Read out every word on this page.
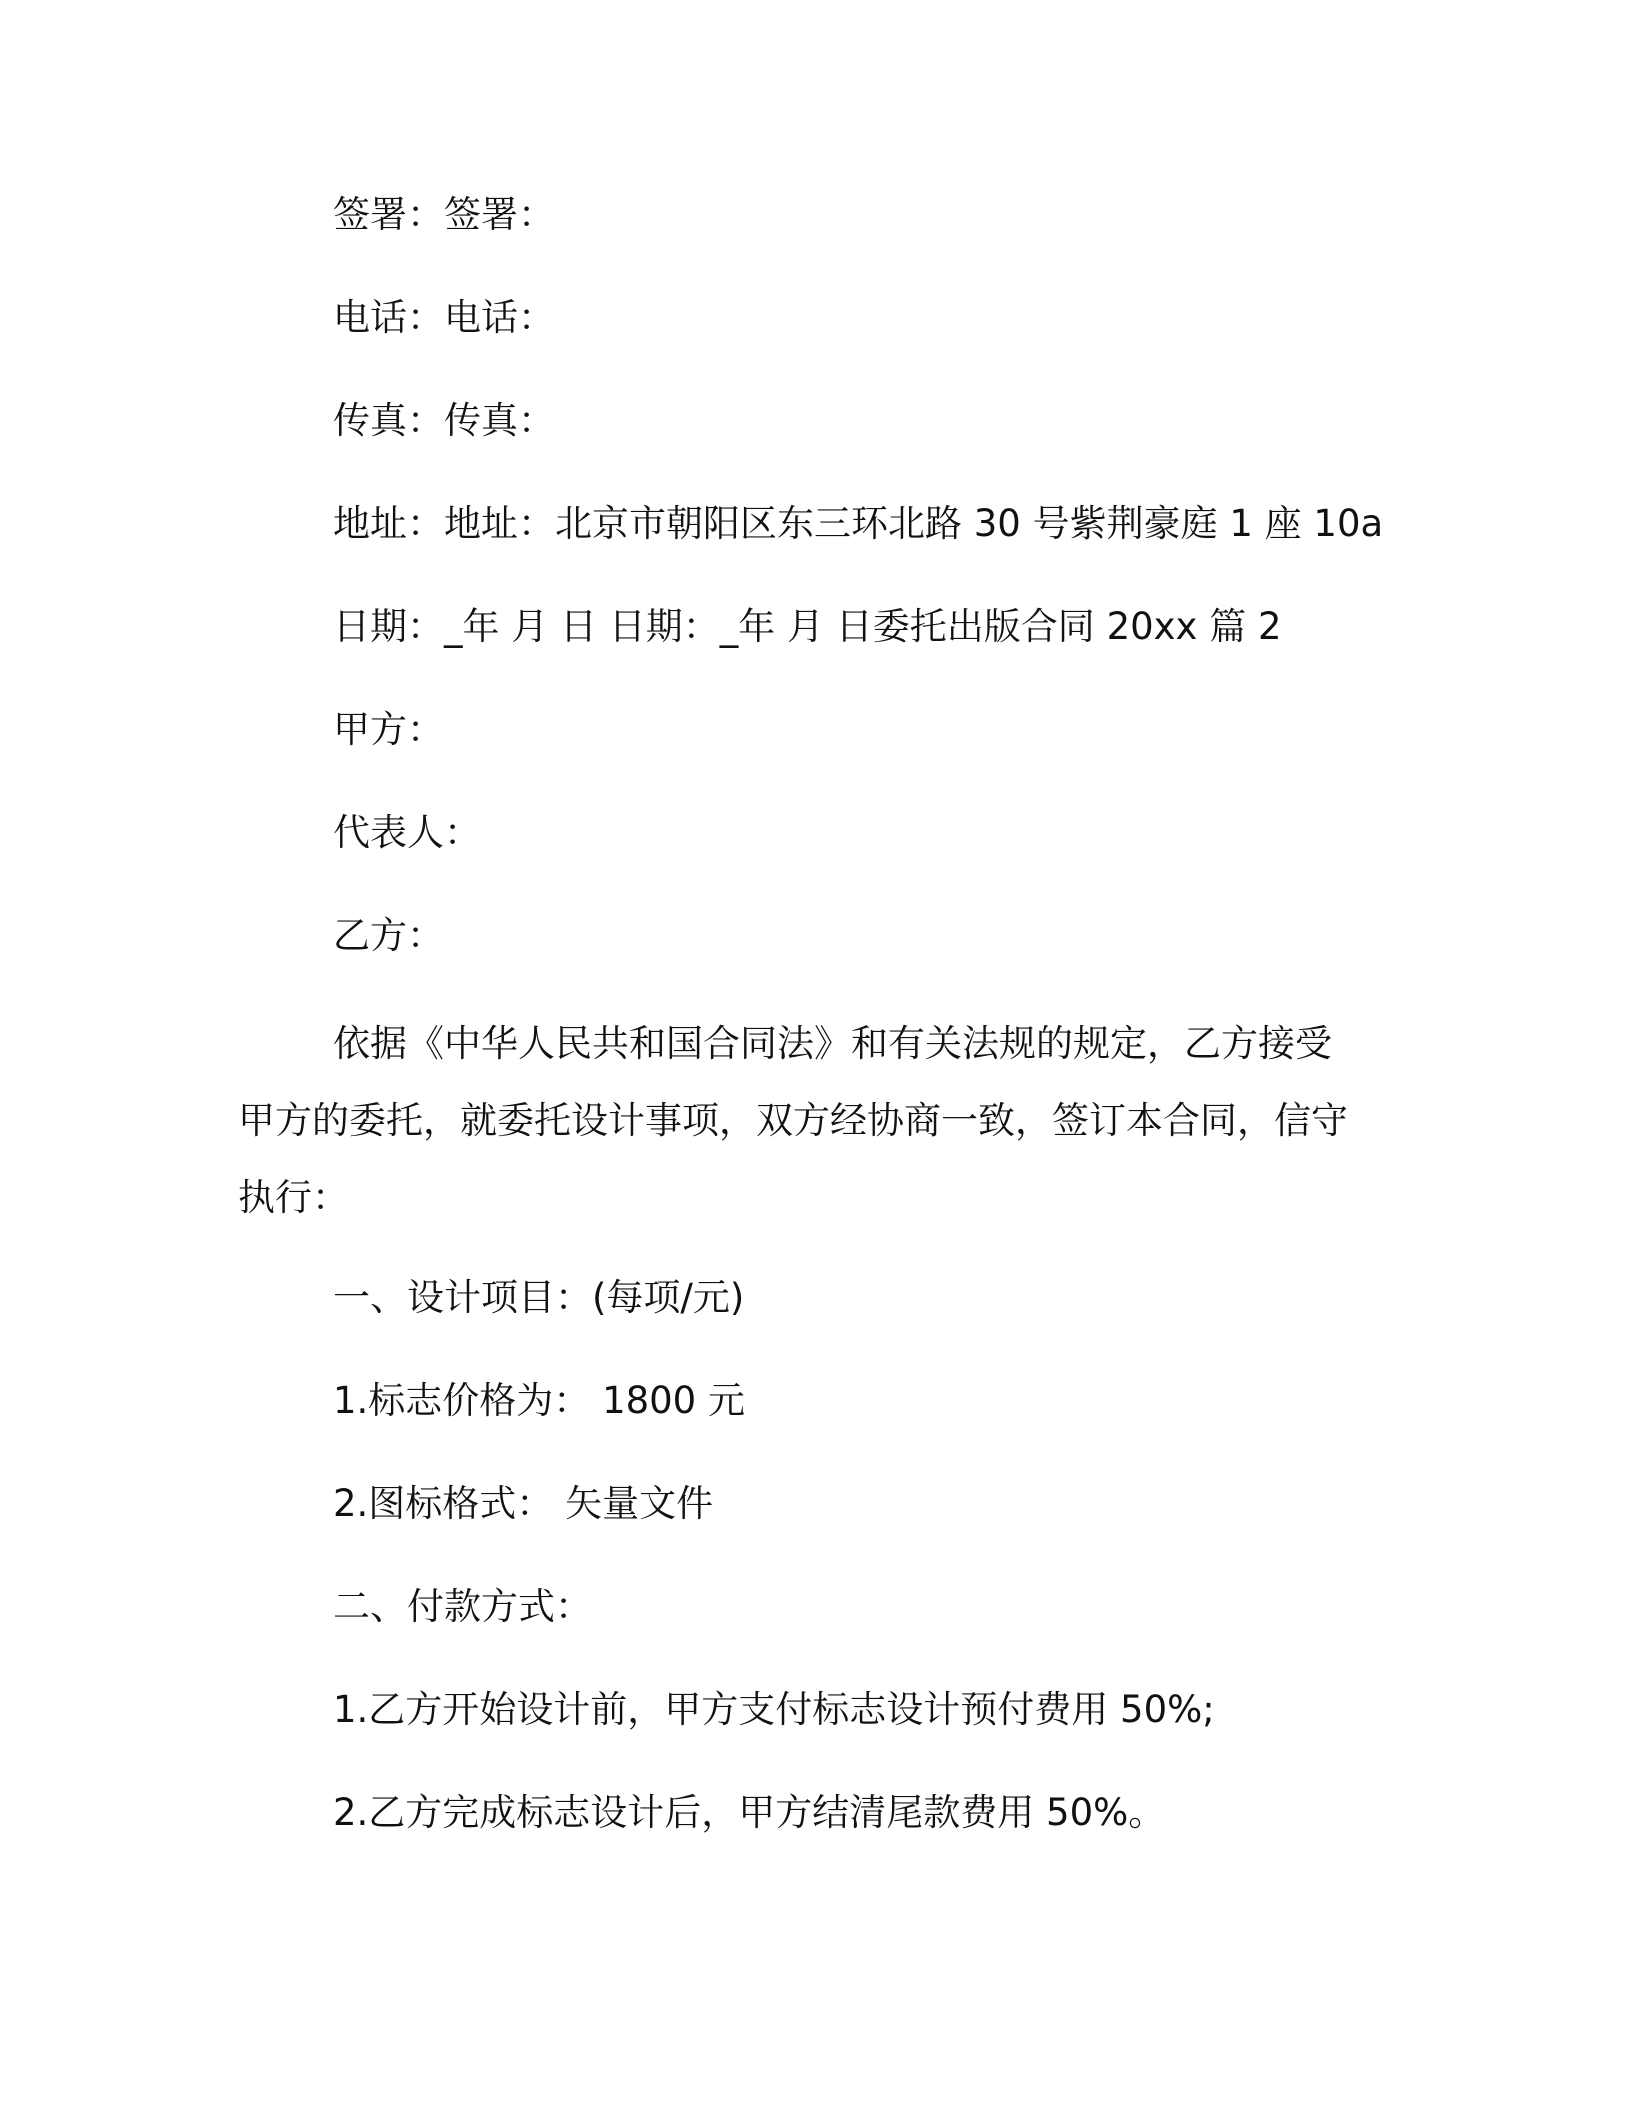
签署：签署：
电话：电话：
传真：传真：
地址：地址：北京市朝阳区东三环北路 30 号紫荆豪庭 1 座 10a
日期：_年 月 日 日期：_年 月 日委托出版合同 20xx 篇 2
甲方：
代表人：
乙方：
依据《中华人民共和国合同法》和有关法规的规定，乙方接受甲方的委托，就委托设计事项，双方经协商一致，签订本合同，信守执行：
一、设计项目：(每项/元)
1.标志价格为： 1800 元
2.图标格式： 矢量文件
二、付款方式：
1.乙方开始设计前，甲方支付标志设计预付费用 50%;
2.乙方完成标志设计后，甲方结清尾款费用 50%。
